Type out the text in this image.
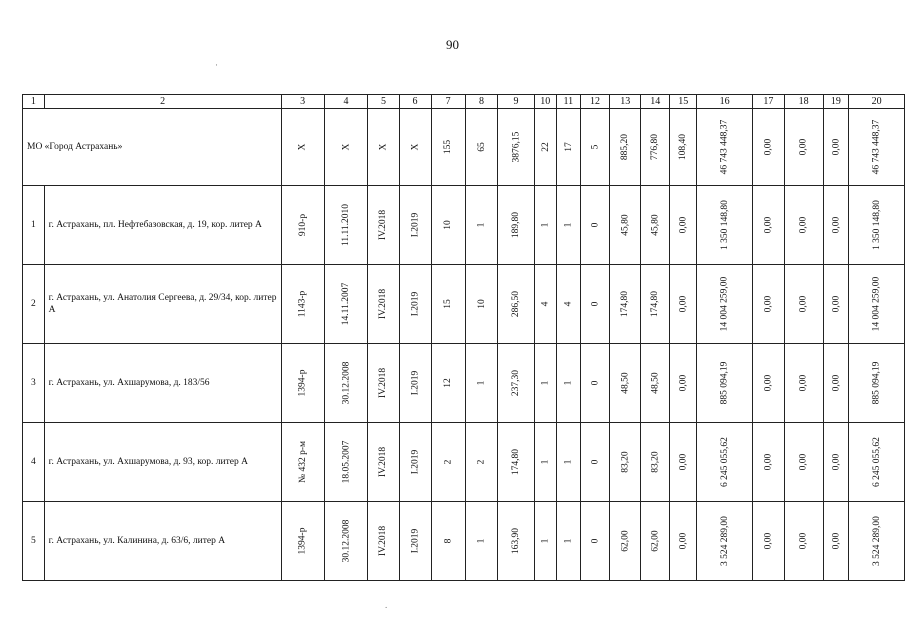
90
1	2	3	4	5	6	7	8	9	10	11	12	13	14	15	16	17	18	19	20
МО «Город Астрахань»		Х	Х	Х	Х	155	65	3876,15	22	17	5	885,20	776,80	108,40	46 743 448,37	0,00	0,00	0,00	46 743 448,37
1	г. Астрахань, пл. Нефтебазовская, д. 19, кор. литер А	910-р	11.11.2010	IV.2018	I.2019	10	1	189,80	1	1	0	45,80	45,80	0,00	1 350 148,80	0,00	0,00	0,00	1 350 148,80
2	г. Астрахань, ул. Анатолия Сергеева, д. 29/34, кор. литер А	1143-р	14.11.2007	IV.2018	I.2019	15	10	286,50	4	4	0	174,80	174,80	0,00	14 004 259,00	0,00	0,00	0,00	14 004 259,00
3	г. Астрахань, ул. Ахшарумова, д. 183/56	1394-р	30.12.2008	IV.2018	I.2019	12	1	237,30	1	1	0	48,50	48,50	0,00	885 094,19	0,00	0,00	0,00	885 094,19
4	г. Астрахань, ул. Ахшарумова, д. 93, кор. литер А	№ 432 р-м	18.05.2007	IV.2018	I.2019	2	2	174,80	1	1	0	83,20	83,20	0,00	6 245 055,62	0,00	0,00	0,00	6 245 055,62
5	г. Астрахань, ул. Калинина, д. 63/6, литер А	1394-р	30.12.2008	IV.2018	I.2019	8	1	163,90	1	1	0	62,00	62,00	0,00	3 524 289,00	0,00	0,00	0,00	3 524 289,00
·
.
